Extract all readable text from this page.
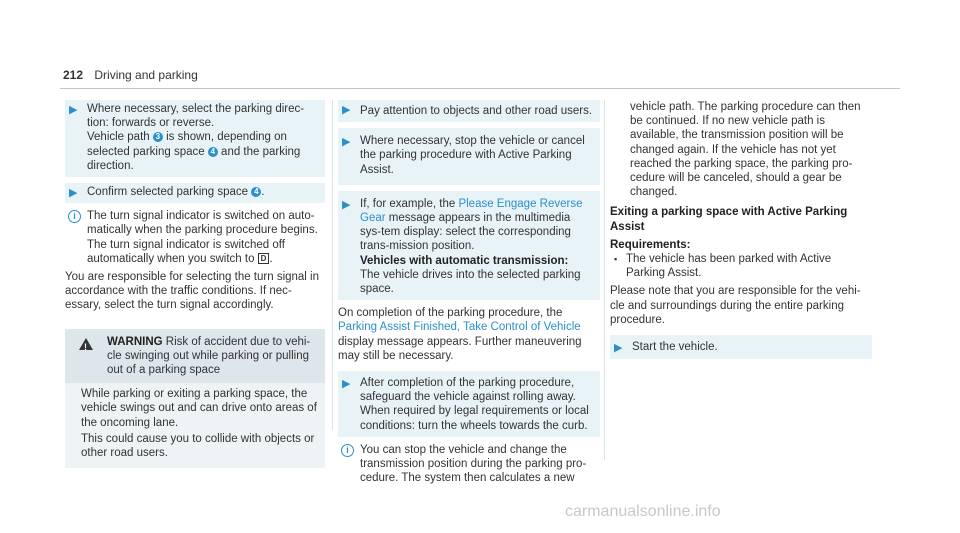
212 Driving and parking
▶ Where necessary, select the parking direc-tion: forwards or reverse.
Vehicle path 3 is shown, depending on selected parking space 4 and the parking direction.
▶ Confirm selected parking space 4 .
i The turn signal indicator is switched on auto-matically when the parking procedure begins. The turn signal indicator is switched off automatically when you switch to D .

You are responsible for selecting the turn signal in accordance with the traffic conditions. If nec-essary, select the turn signal accordingly.

! WARNING Risk of accident due to vehi-cle swinging out while parking or pulling out of a parking space

While parking or exiting a parking space, the vehicle swings out and can drive onto areas of the oncoming lane.

This could cause you to collide with objects or other road users.

▶ Pay attention to objects and other road users.
▶ Where necessary, stop the vehicle or cancel the parking procedure with Active Parking Assist.
▶ If, for example, the Please Engage Reverse Gear message appears in the multimedia sys-tem display: select the corresponding trans-mission position.
Vehicles with automatic transmission:
The vehicle drives into the selected parking space.

On completion of the parking procedure, the Parking Assist Finished, Take Control of Vehicle display message appears. Further maneuvering may still be necessary.

▶ After completion of the parking procedure, safeguard the vehicle against rolling away. When required by legal requirements or local conditions: turn the wheels towards the curb.
i You can stop the vehicle and change the transmission position during the parking pro-cedure. The system then calculates a new

vehicle path. The parking procedure can then be continued. If no new vehicle path is available, the transmission position will be changed again. If the vehicle has not yet reached the parking space, the parking pro-cedure will be canceled, should a gear be changed.

Exiting a parking space with Active Parking Assist
Requirements:
▪ The vehicle has been parked with Active Parking Assist.

Please note that you are responsible for the vehi-cle and surroundings during the entire parking procedure.

▶ Start the vehicle.
carmanualsonline.info
